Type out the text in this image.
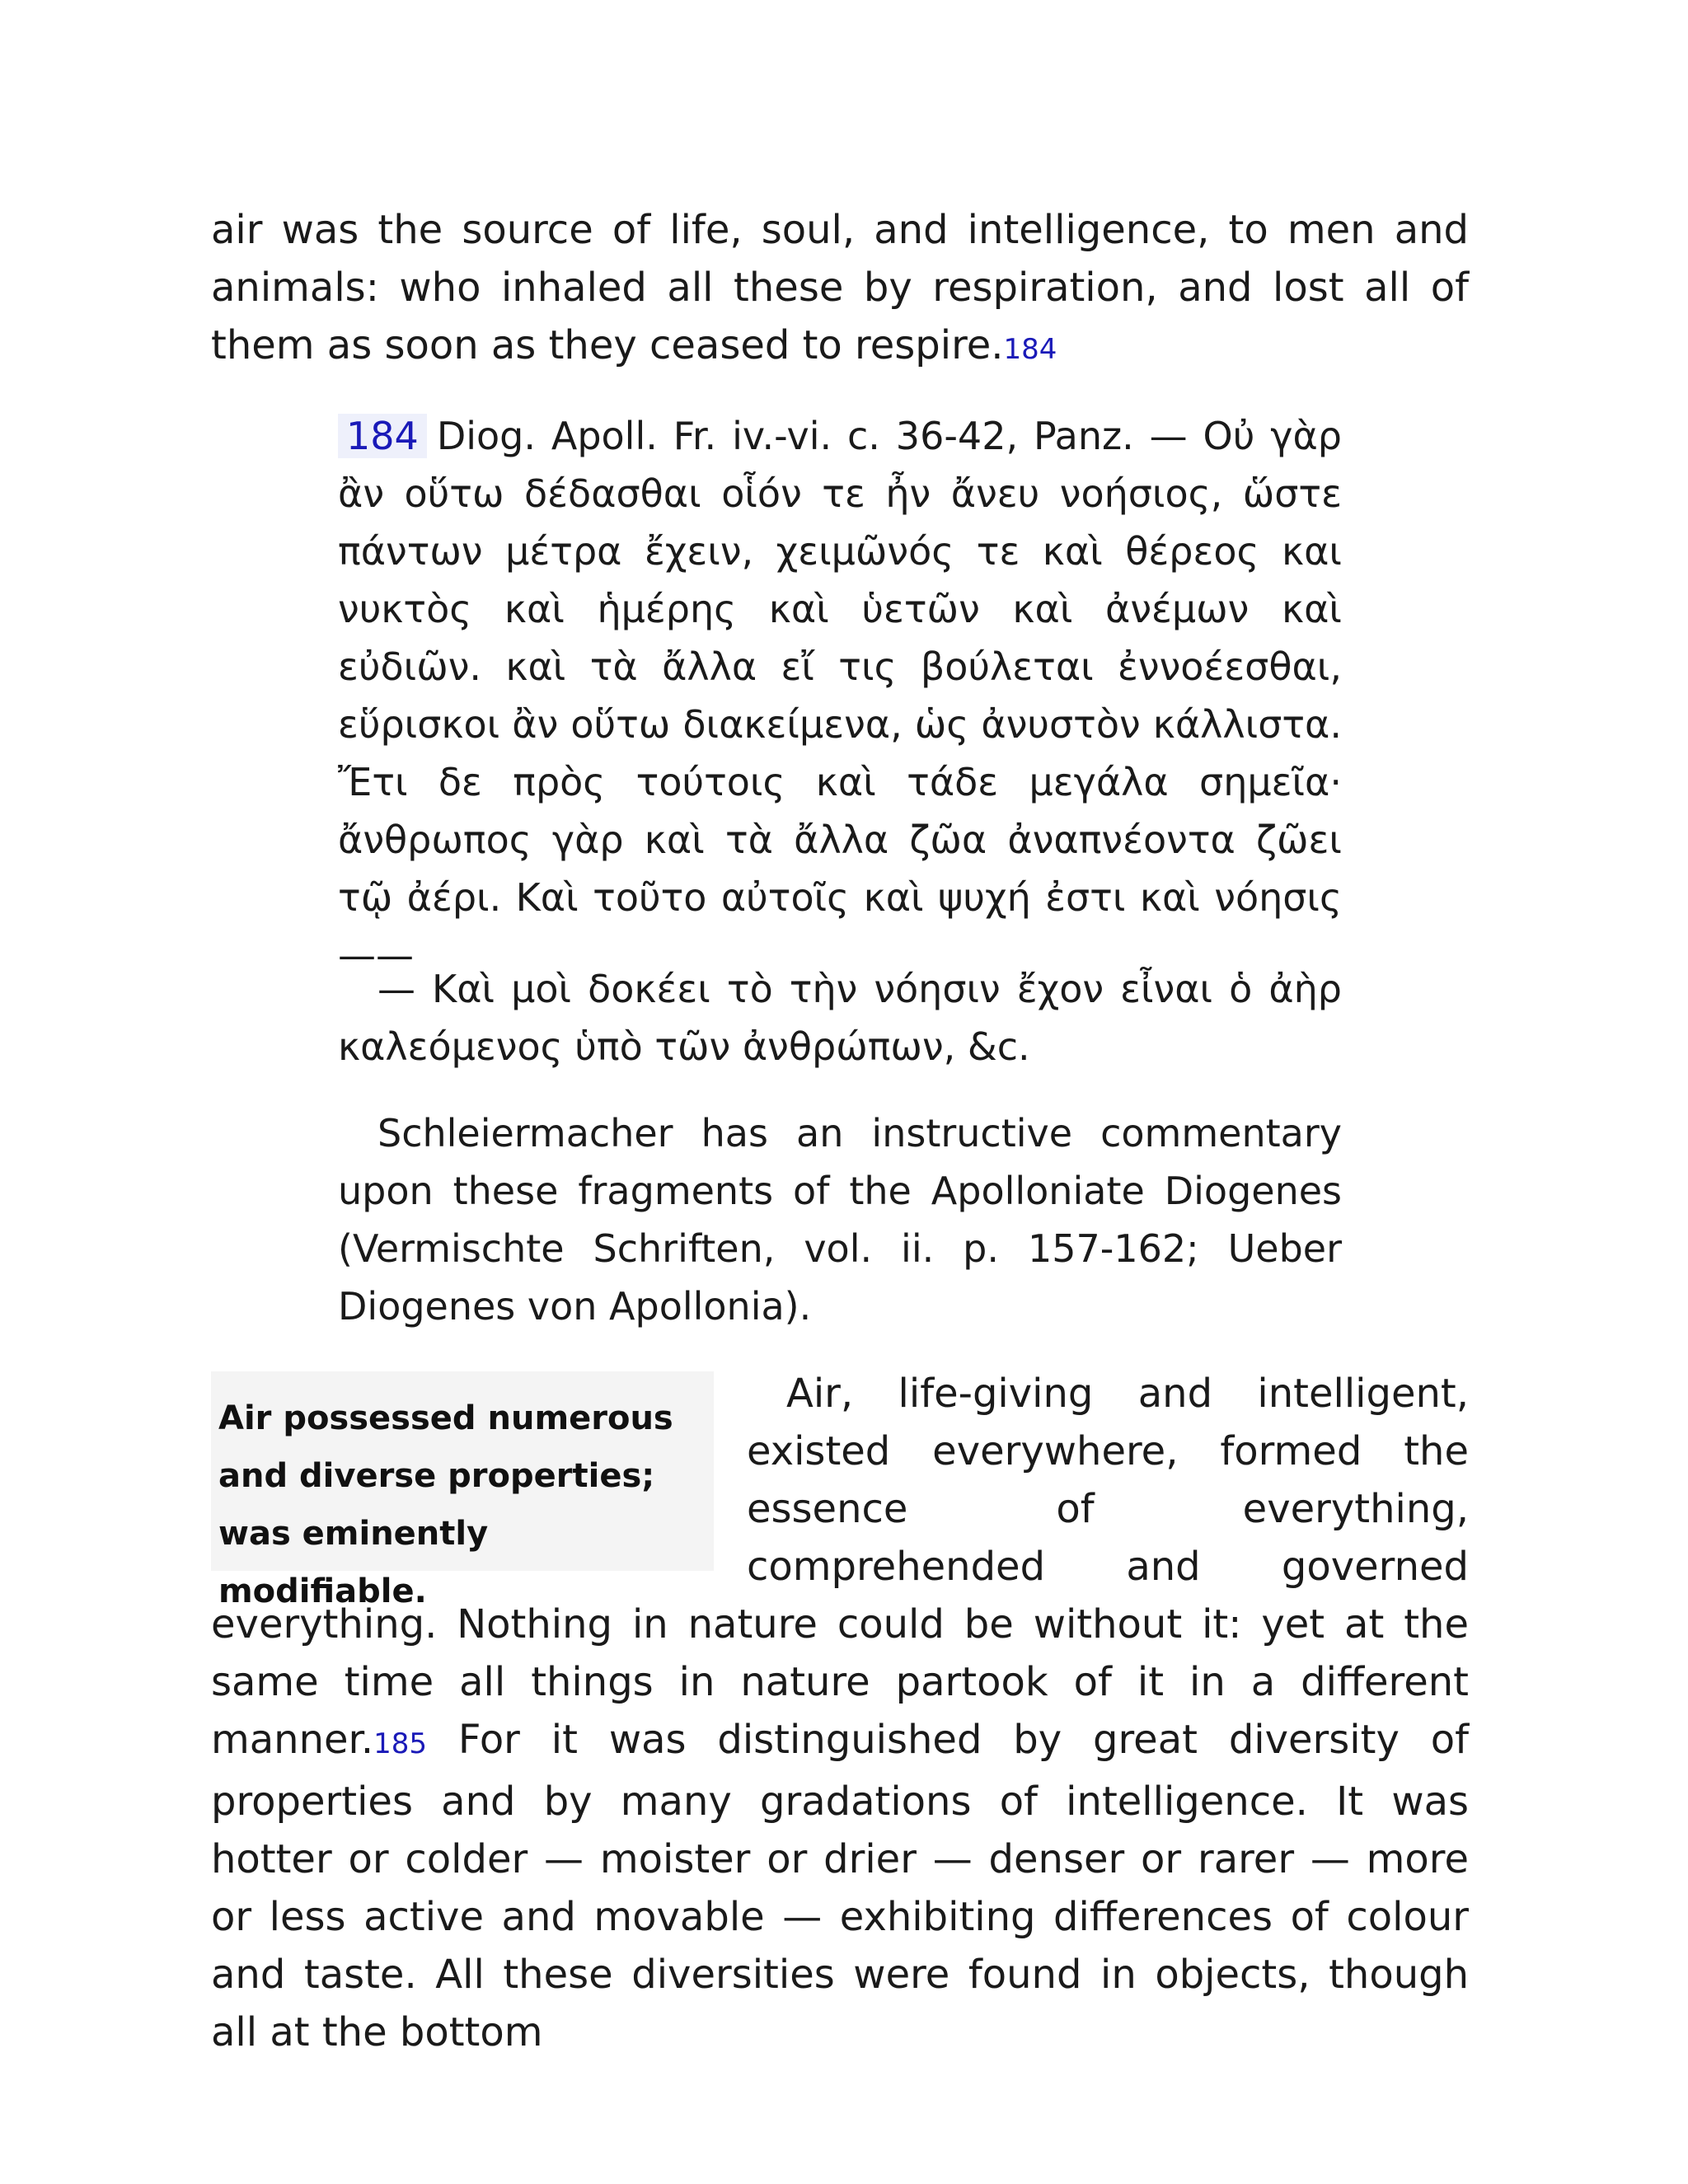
air was the source of life, soul, and intelligence, to men and animals: who inhaled all these by respiration, and lost all of them as soon as they ceased to respire.184

184 Diog. Apoll. Fr. iv.-vi. c. 36-42, Panz. — Οὐ γὰρ ἂν οὕτω δέδασθαι οἷόν τε ἦν ἄνευ νοήσιος, ὥστε πάντων μέτρα ἔχειν, χειμῶνός τε καὶ θέρεος και νυκτὸς καὶ ἡμέρης καὶ ὑετῶν καὶ ἀνέμων καὶ εὐδιῶν. καὶ τὰ ἄλλα εἴ τις βούλεται ἐννοέεσθαι, εὕρισκοι ἂν οὕτω διακείμενα, ὡς ἀνυστὸν κάλλιστα. Ἔτι δε πρὸς τούτοις καὶ τάδε μεγάλα σημεῖα· ἄνθρωπος γὰρ καὶ τὰ ἄλλα ζῶα ἀναπνέοντα ζῶει τῷ ἀέρι. Καὶ τοῦτο αὐτοῖς καὶ ψυχή ἐστι καὶ νόησις ——

— Καὶ μοὶ δοκέει τὸ τὴν νόησιν ἔχον εἶναι ὁ ἀὴρ καλεόμενος ὑπὸ τῶν ἀνθρώπων, &c.

Schleiermacher has an instructive commentary upon these fragments of the Apolloniate Diogenes (Vermischte Schriften, vol. ii. p. 157-162; Ueber Diogenes von Apollonia).

Air possessed numerous and diverse properties; was eminently modifiable.

Air, life-giving and intelligent, existed everywhere, formed the essence of everything, comprehended and governed everything. Nothing in nature could be without it: yet at the same time all things in nature partook of it in a different manner.185 For it was distinguished by great diversity of properties and by many gradations of intelligence. It was hotter or colder — moister or drier — denser or rarer — more or less active and movable — exhibiting differences of colour and taste. All these diversities were found in objects, though all at the bottom
